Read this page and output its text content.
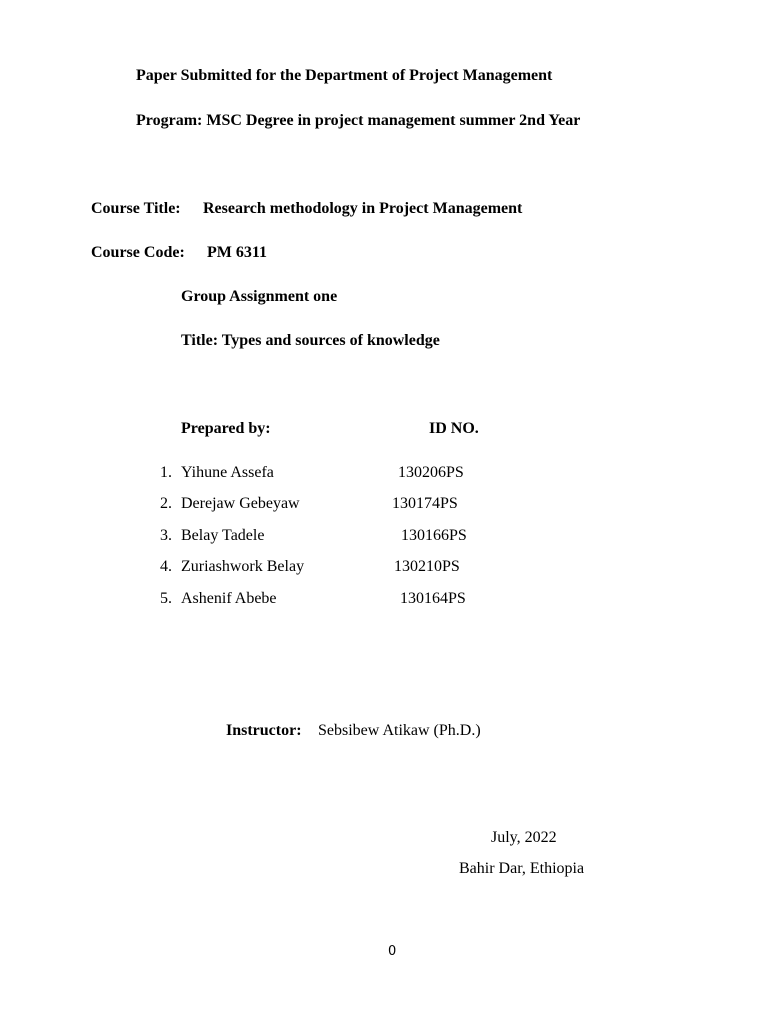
Paper Submitted for the Department of Project Management
Program: MSC Degree in project management summer 2nd Year
Course Title: Research methodology in Project Management
Course Code: PM 6311
Group Assignment one
Title: Types and sources of knowledge
Prepared by:	ID NO.
1. Yihune Assefa	130206PS
2. Derejaw Gebeyaw	130174PS
3. Belay Tadele	130166PS
4. Zuriashwork Belay	130210PS
5. Ashenif Abebe	130164PS
Instructor: Sebsibew Atikaw (Ph.D.)
July, 2022
Bahir Dar, Ethiopia
0
